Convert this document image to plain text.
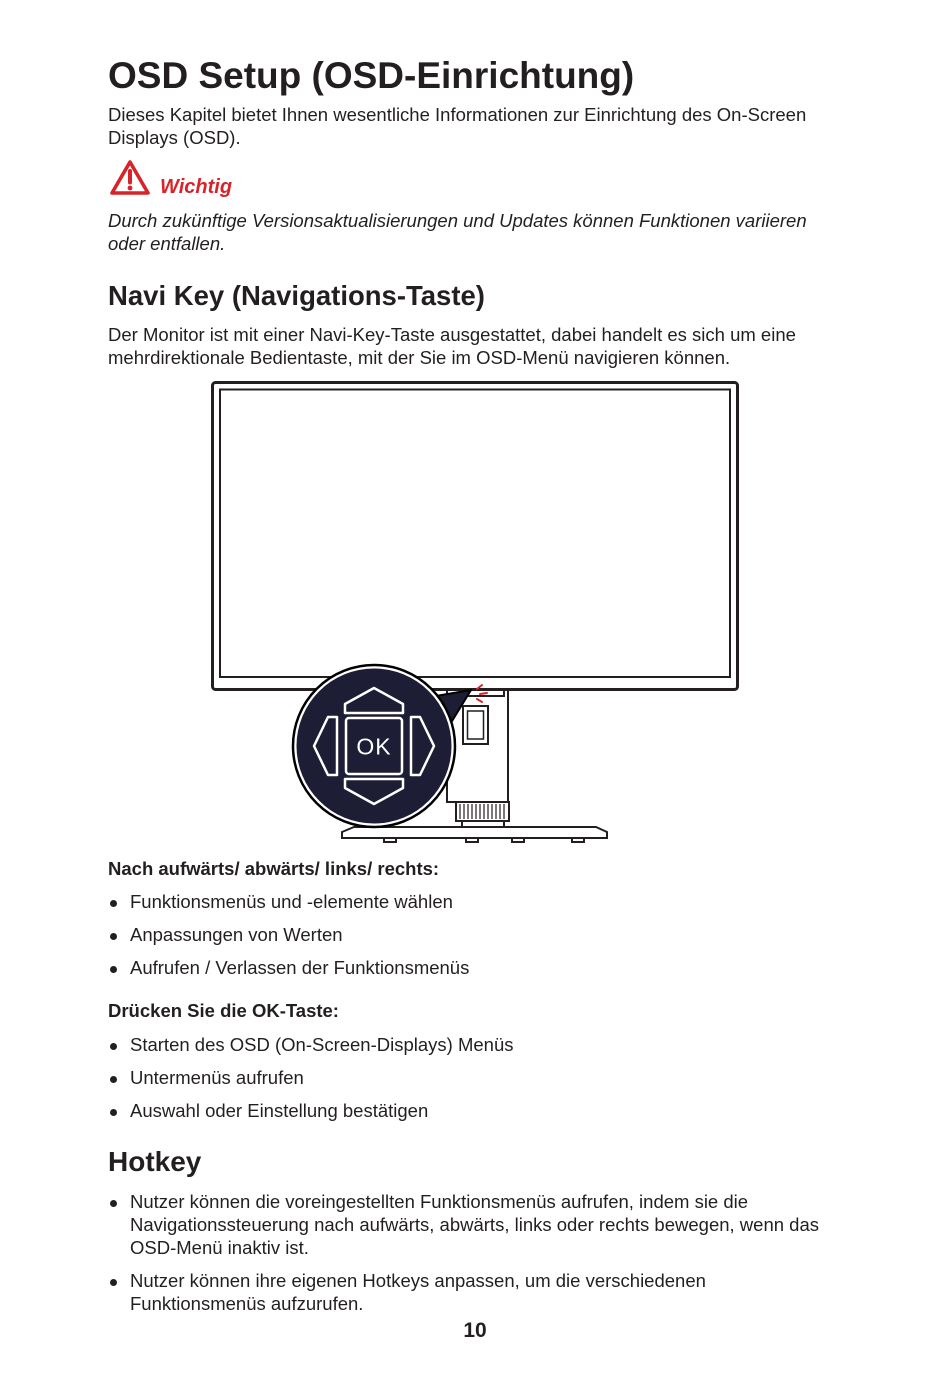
OSD Setup (OSD-Einrichtung)
Dieses Kapitel bietet Ihnen wesentliche Informationen zur Einrichtung des On-Screen
Displays (OSD).
Wichtig
Durch zukünftige Versionsaktualisierungen und Updates können Funktionen variieren
oder entfallen.
Navi Key (Navigations-Taste)
Der Monitor ist mit einer Navi-Key-Taste ausgestattet, dabei handelt es sich um eine
mehrdirektionale Bedientaste, mit der Sie im OSD-Menü navigieren können.
OK
Nach aufwärts/ abwärts/ links/ rechts:
Funktionsmenüs und -elemente wählen
Anpassungen von Werten
Aufrufen / Verlassen der Funktionsmenüs
Drücken Sie die OK-Taste:
Starten des OSD (On-Screen-Displays) Menüs
Untermenüs aufrufen
Auswahl oder Einstellung bestätigen
Hotkey
Nutzer können die voreingestellten Funktionsmenüs aufrufen, indem sie die
Navigationssteuerung nach aufwärts, abwärts, links oder rechts bewegen, wenn das
OSD-Menü inaktiv ist.
Nutzer können ihre eigenen Hotkeys anpassen, um die verschiedenen
Funktionsmenüs aufzurufen.
10
